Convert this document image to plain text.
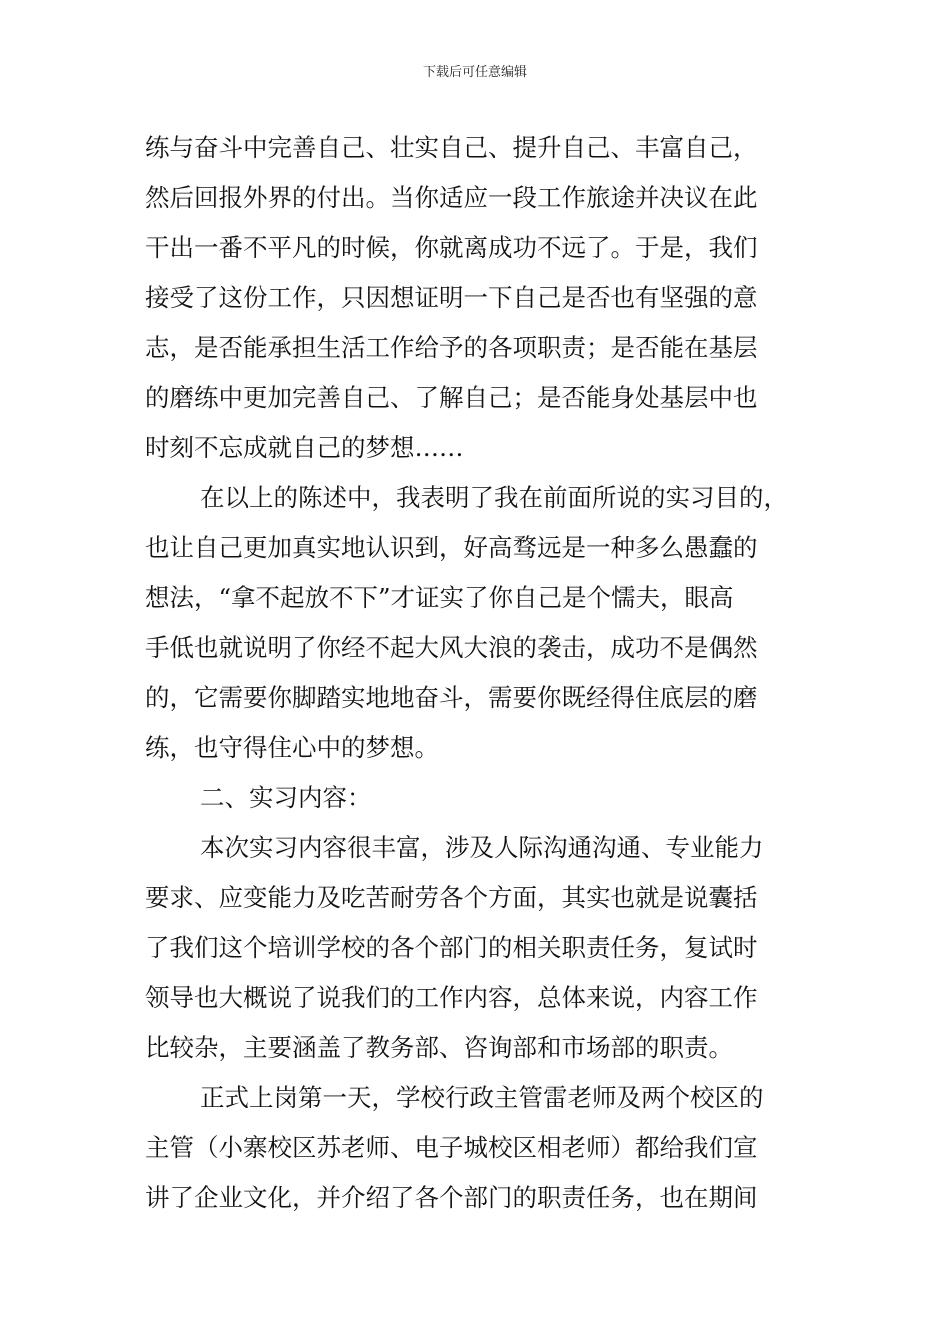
下载后可任意编辑
练与奋斗中完善自己、壮实自己、提升自己、丰富自己，
然后回报外界的付出。当你适应一段工作旅途并决议在此
干出一番不平凡的时候，你就离成功不远了。于是，我们
接受了这份工作，只因想证明一下自己是否也有坚强的意
志，是否能承担生活工作给予的各项职责；是否能在基层
的磨练中更加完善自己、了解自己；是否能身处基层中也
时刻不忘成就自己的梦想……
在以上的陈述中，我表明了我在前面所说的实习目的，
也让自己更加真实地认识到，好高骛远是一种多么愚蠢的
想法，“拿不起放不下”才证实了你自己是个懦夫，眼高
手低也就说明了你经不起大风大浪的袭击，成功不是偶然
的，它需要你脚踏实地地奋斗，需要你既经得住底层的磨
练，也守得住心中的梦想。
二、实习内容：
本次实习内容很丰富，涉及人际沟通沟通、专业能力
要求、应变能力及吃苦耐劳各个方面，其实也就是说囊括
了我们这个培训学校的各个部门的相关职责任务，复试时
领导也大概说了说我们的工作内容，总体来说，内容工作
比较杂，主要涵盖了教务部、咨询部和市场部的职责。
正式上岗第一天，学校行政主管雷老师及两个校区的
主管（小寨校区苏老师、电子城校区相老师）都给我们宣
讲了企业文化，并介绍了各个部门的职责任务，也在期间
